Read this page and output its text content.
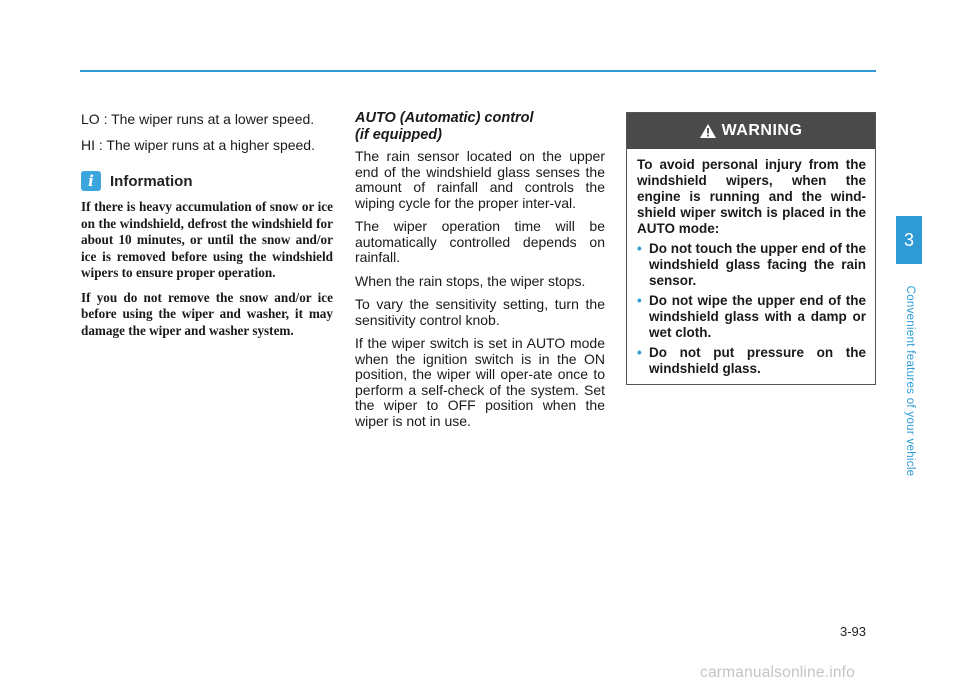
LO : The wiper runs at a lower speed.

HI : The wiper runs at a higher speed.

i	Information

If there is heavy accumulation of snow or ice on the windshield, defrost the windshield for about 10 minutes, or until the snow and/or ice is removed before using the windshield wipers to ensure proper operation.

If you do not remove the snow and/or ice before using the wiper and washer, it may damage the wiper and washer system.

AUTO (Automatic) control
(if equipped)

The rain sensor located on the upper end of the windshield glass senses the amount of rainfall and controls the wiping cycle for the proper inter-val.

The wiper operation time will be automatically controlled depends on rainfall.

When the rain stops, the wiper stops.

To vary the sensitivity setting, turn the sensitivity control knob.

If the wiper switch is set in AUTO mode when the ignition switch is in the ON position, the wiper will oper-ate once to perform a self-check of the system. Set the wiper to OFF position when the wiper is not in use.

WARNING

To avoid personal injury from the windshield wipers, when the engine is running and the wind-shield wiper switch is placed in the AUTO mode:

• Do not touch the upper end of the windshield glass facing the rain sensor.
• Do not wipe the upper end of the windshield glass with a damp or wet cloth.
• Do not put pressure on the windshield glass.
3
Convenient features of your vehicle
3-93
carmanualsonline.info
